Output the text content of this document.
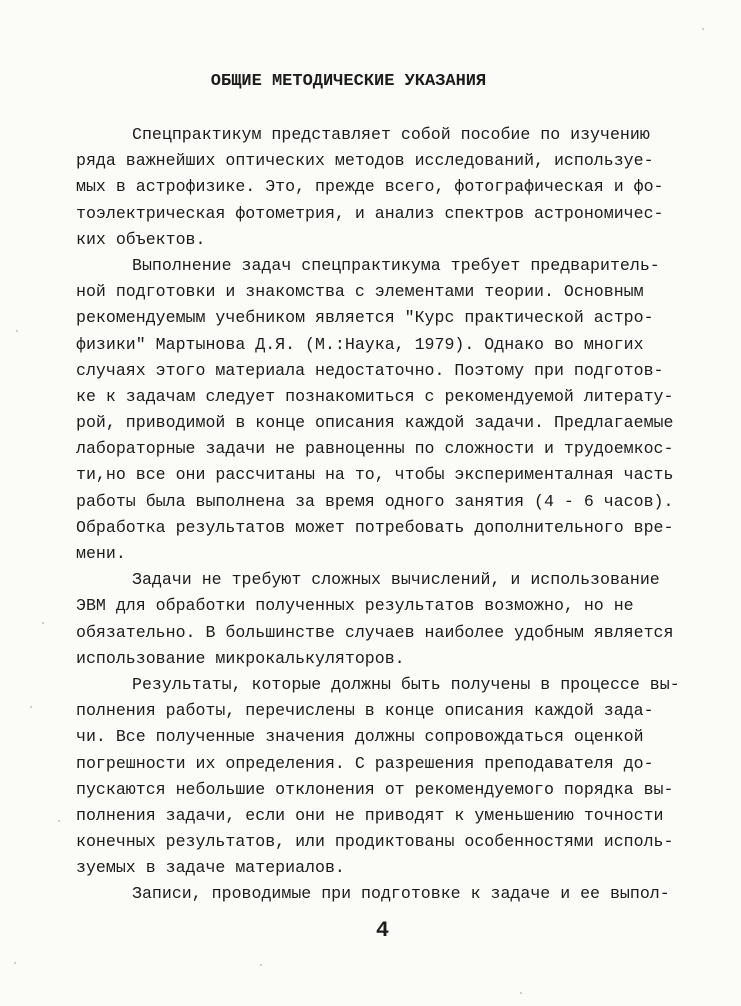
ОБЩИЕ МЕТОДИЧЕСКИЕ УКАЗАНИЯ
Спецпрактикум представляет собой пособие по изучению
ряда важнейших оптических методов исследований, используе-
мых в астрофизике. Это, прежде всего, фотографическая и фо-
тоэлектрическая фотометрия, и анализ спектров астрономичес-
ких объектов.
Выполнение задач спецпрактикума требует предваритель-
ной подготовки и знакомства с элементами теории. Основным
рекомендуемым учебником является "Курс практической астро-
физики" Мартынова Д.Я. (М.:Наука, 1979). Однако во многих
случаях этого материала недостаточно. Поэтому при подготов-
ке к задачам следует познакомиться с рекомендуемой литерату-
рой, приводимой в конце описания каждой задачи. Предлагаемые
лабораторные задачи не равноценны по сложности и трудоемкос-
ти,но все они рассчитаны на то, чтобы эксперименталная часть
работы была выполнена за время одного занятия (4 - 6 часов).
Обработка результатов может потребовать дополнительного вре-
мени.
Задачи не требуют сложных вычислений, и использование
ЭВМ для обработки полученных результатов возможно, но не
обязательно. В большинстве случаев наиболее удобным является
использование микрокалькуляторов.
Результаты, которые должны быть получены в процессе вы-
полнения работы, перечислены в конце описания каждой зада-
чи. Все полученные значения должны сопровождаться оценкой
погрешности их определения. С разрешения преподавателя до-
пускаются небольшие отклонения от рекомендуемого порядка вы-
полнения задачи, если они не приводят к уменьшению точности
конечных результатов, или продиктованы особенностями исполь-
зуемых в задаче материалов.
Записи, проводимые при подготовке к задаче и ее выпол-
4
